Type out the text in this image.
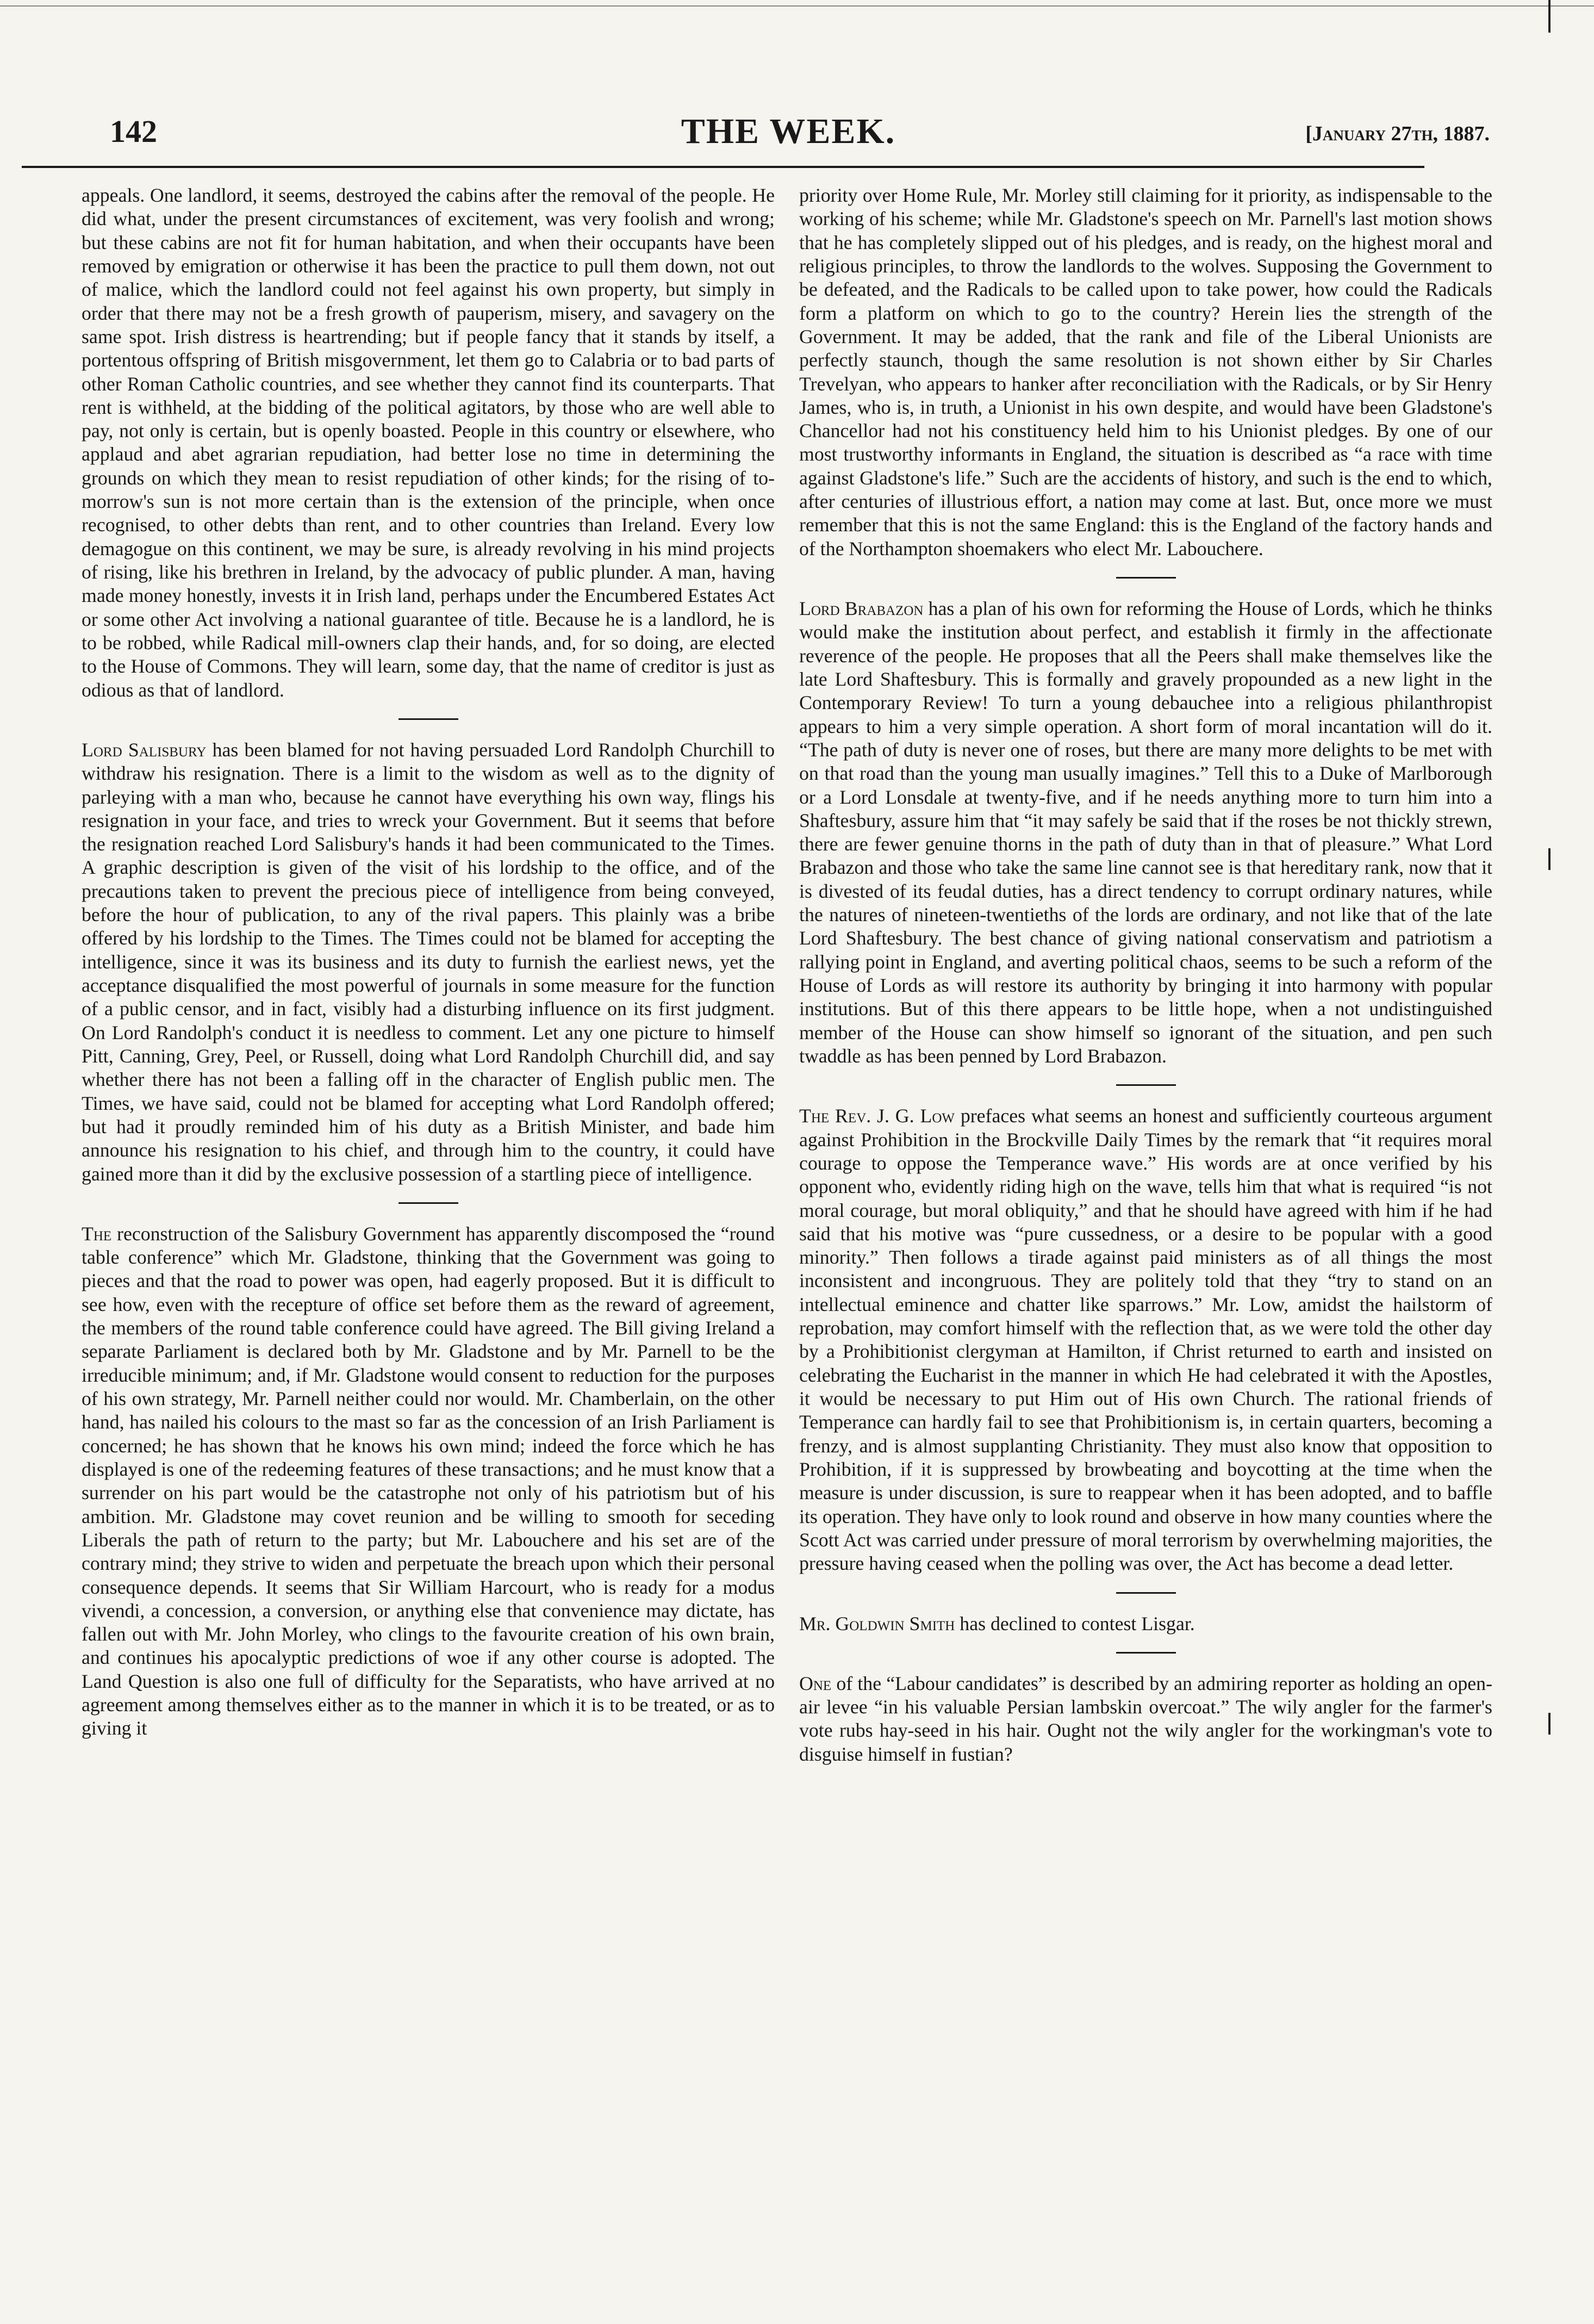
142	THE WEEK.	[January 27th, 1887.

appeals. One landlord, it seems, destroyed the cabins after the removal of the people. He did what, under the present circumstances of excitement, was very foolish and wrong; but these cabins are not fit for human habitation, and when their occupants have been removed by emigration or otherwise it has been the practice to pull them down, not out of malice, which the landlord could not feel against his own property, but simply in order that there may not be a fresh growth of pauperism, misery, and savagery on the same spot. Irish distress is heartrending; but if people fancy that it stands by itself, a portentous offspring of British misgovernment, let them go to Calabria or to bad parts of other Roman Catholic countries, and see whether they cannot find its counterparts. That rent is withheld, at the bidding of the political agitators, by those who are well able to pay, not only is certain, but is openly boasted. People in this country or elsewhere, who applaud and abet agrarian repudiation, had better lose no time in determining the grounds on which they mean to resist repudiation of other kinds; for the rising of to-morrow's sun is not more certain than is the extension of the principle, when once recognised, to other debts than rent, and to other countries than Ireland. Every low demagogue on this continent, we may be sure, is already revolving in his mind projects of rising, like his brethren in Ireland, by the advocacy of public plunder. A man, having made money honestly, invests it in Irish land, perhaps under the Encumbered Estates Act or some other Act involving a national guarantee of title. Because he is a landlord, he is to be robbed, while Radical mill-owners clap their hands, and, for so doing, are elected to the House of Commons. They will learn, some day, that the name of creditor is just as odious as that of landlord.

Lord Salisbury has been blamed for not having persuaded Lord Randolph Churchill to withdraw his resignation. There is a limit to the wisdom as well as to the dignity of parleying with a man who, because he cannot have everything his own way, flings his resignation in your face, and tries to wreck your Government. But it seems that before the resignation reached Lord Salisbury's hands it had been communicated to the Times. A graphic description is given of the visit of his lordship to the office, and of the precautions taken to prevent the precious piece of intelligence from being conveyed, before the hour of publication, to any of the rival papers. This plainly was a bribe offered by his lordship to the Times. The Times could not be blamed for accepting the intelligence, since it was its business and its duty to furnish the earliest news, yet the acceptance disqualified the most powerful of journals in some measure for the function of a public censor, and in fact, visibly had a disturbing influence on its first judgment. On Lord Randolph's conduct it is needless to comment. Let any one picture to himself Pitt, Canning, Grey, Peel, or Russell, doing what Lord Randolph Churchill did, and say whether there has not been a falling off in the character of English public men. The Times, we have said, could not be blamed for accepting what Lord Randolph offered; but had it proudly reminded him of his duty as a British Minister, and bade him announce his resignation to his chief, and through him to the country, it could have gained more than it did by the exclusive possession of a startling piece of intelligence.

The reconstruction of the Salisbury Government has apparently discomposed the “round table conference” which Mr. Gladstone, thinking that the Government was going to pieces and that the road to power was open, had eagerly proposed. But it is difficult to see how, even with the recepture of office set before them as the reward of agreement, the members of the round table conference could have agreed. The Bill giving Ireland a separate Parliament is declared both by Mr. Gladstone and by Mr. Parnell to be the irreducible minimum; and, if Mr. Gladstone would consent to reduction for the purposes of his own strategy, Mr. Parnell neither could nor would. Mr. Chamberlain, on the other hand, has nailed his colours to the mast so far as the concession of an Irish Parliament is concerned; he has shown that he knows his own mind; indeed the force which he has displayed is one of the redeeming features of these transactions; and he must know that a surrender on his part would be the catastrophe not only of his patriotism but of his ambition. Mr. Gladstone may covet reunion and be willing to smooth for seceding Liberals the path of return to the party; but Mr. Labouchere and his set are of the contrary mind; they strive to widen and perpetuate the breach upon which their personal consequence depends. It seems that Sir William Harcourt, who is ready for a modus vivendi, a concession, a conversion, or anything else that convenience may dictate, has fallen out with Mr. John Morley, who clings to the favourite creation of his own brain, and continues his apocalyptic predictions of woe if any other course is adopted. The Land Question is also one full of difficulty for the Separatists, who have arrived at no agreement among themselves either as to the manner in which it is to be treated, or as to giving it

priority over Home Rule, Mr. Morley still claiming for it priority, as indispensable to the working of his scheme; while Mr. Gladstone's speech on Mr. Parnell's last motion shows that he has completely slipped out of his pledges, and is ready, on the highest moral and religious principles, to throw the landlords to the wolves. Supposing the Government to be defeated, and the Radicals to be called upon to take power, how could the Radicals form a platform on which to go to the country? Herein lies the strength of the Government. It may be added, that the rank and file of the Liberal Unionists are perfectly staunch, though the same resolution is not shown either by Sir Charles Trevelyan, who appears to hanker after reconciliation with the Radicals, or by Sir Henry James, who is, in truth, a Unionist in his own despite, and would have been Gladstone's Chancellor had not his constituency held him to his Unionist pledges. By one of our most trustworthy informants in England, the situation is described as “a race with time against Gladstone's life.” Such are the accidents of history, and such is the end to which, after centuries of illustrious effort, a nation may come at last. But, once more we must remember that this is not the same England: this is the England of the factory hands and of the Northampton shoemakers who elect Mr. Labouchere.

Lord Brabazon has a plan of his own for reforming the House of Lords, which he thinks would make the institution about perfect, and establish it firmly in the affectionate reverence of the people. He proposes that all the Peers shall make themselves like the late Lord Shaftesbury. This is formally and gravely propounded as a new light in the Contemporary Review! To turn a young debauchee into a religious philanthropist appears to him a very simple operation. A short form of moral incantation will do it. “The path of duty is never one of roses, but there are many more delights to be met with on that road than the young man usually imagines.” Tell this to a Duke of Marlborough or a Lord Lonsdale at twenty-five, and if he needs anything more to turn him into a Shaftesbury, assure him that “it may safely be said that if the roses be not thickly strewn, there are fewer genuine thorns in the path of duty than in that of pleasure.” What Lord Brabazon and those who take the same line cannot see is that hereditary rank, now that it is divested of its feudal duties, has a direct tendency to corrupt ordinary natures, while the natures of nineteen-twentieths of the lords are ordinary, and not like that of the late Lord Shaftesbury. The best chance of giving national conservatism and patriotism a rallying point in England, and averting political chaos, seems to be such a reform of the House of Lords as will restore its authority by bringing it into harmony with popular institutions. But of this there appears to be little hope, when a not undistinguished member of the House can show himself so ignorant of the situation, and pen such twaddle as has been penned by Lord Brabazon.

The Rev. J. G. Low prefaces what seems an honest and sufficiently courteous argument against Prohibition in the Brockville Daily Times by the remark that “it requires moral courage to oppose the Temperance wave.” His words are at once verified by his opponent who, evidently riding high on the wave, tells him that what is required “is not moral courage, but moral obliquity,” and that he should have agreed with him if he had said that his motive was “pure cussedness, or a desire to be popular with a good minority.” Then follows a tirade against paid ministers as of all things the most inconsistent and incongruous. They are politely told that they “try to stand on an intellectual eminence and chatter like sparrows.” Mr. Low, amidst the hailstorm of reprobation, may comfort himself with the reflection that, as we were told the other day by a Prohibitionist clergyman at Hamilton, if Christ returned to earth and insisted on celebrating the Eucharist in the manner in which He had celebrated it with the Apostles, it would be necessary to put Him out of His own Church. The rational friends of Temperance can hardly fail to see that Prohibitionism is, in certain quarters, becoming a frenzy, and is almost supplanting Christianity. They must also know that opposition to Prohibition, if it is suppressed by browbeating and boycotting at the time when the measure is under discussion, is sure to reappear when it has been adopted, and to baffle its operation. They have only to look round and observe in how many counties where the Scott Act was carried under pressure of moral terrorism by overwhelming majorities, the pressure having ceased when the polling was over, the Act has become a dead letter.

Mr. Goldwin Smith has declined to contest Lisgar.

One of the “Labour candidates” is described by an admiring reporter as holding an open-air levee “in his valuable Persian lambskin overcoat.” The wily angler for the farmer's vote rubs hay-seed in his hair. Ought not the wily angler for the workingman's vote to disguise himself in fustian?
